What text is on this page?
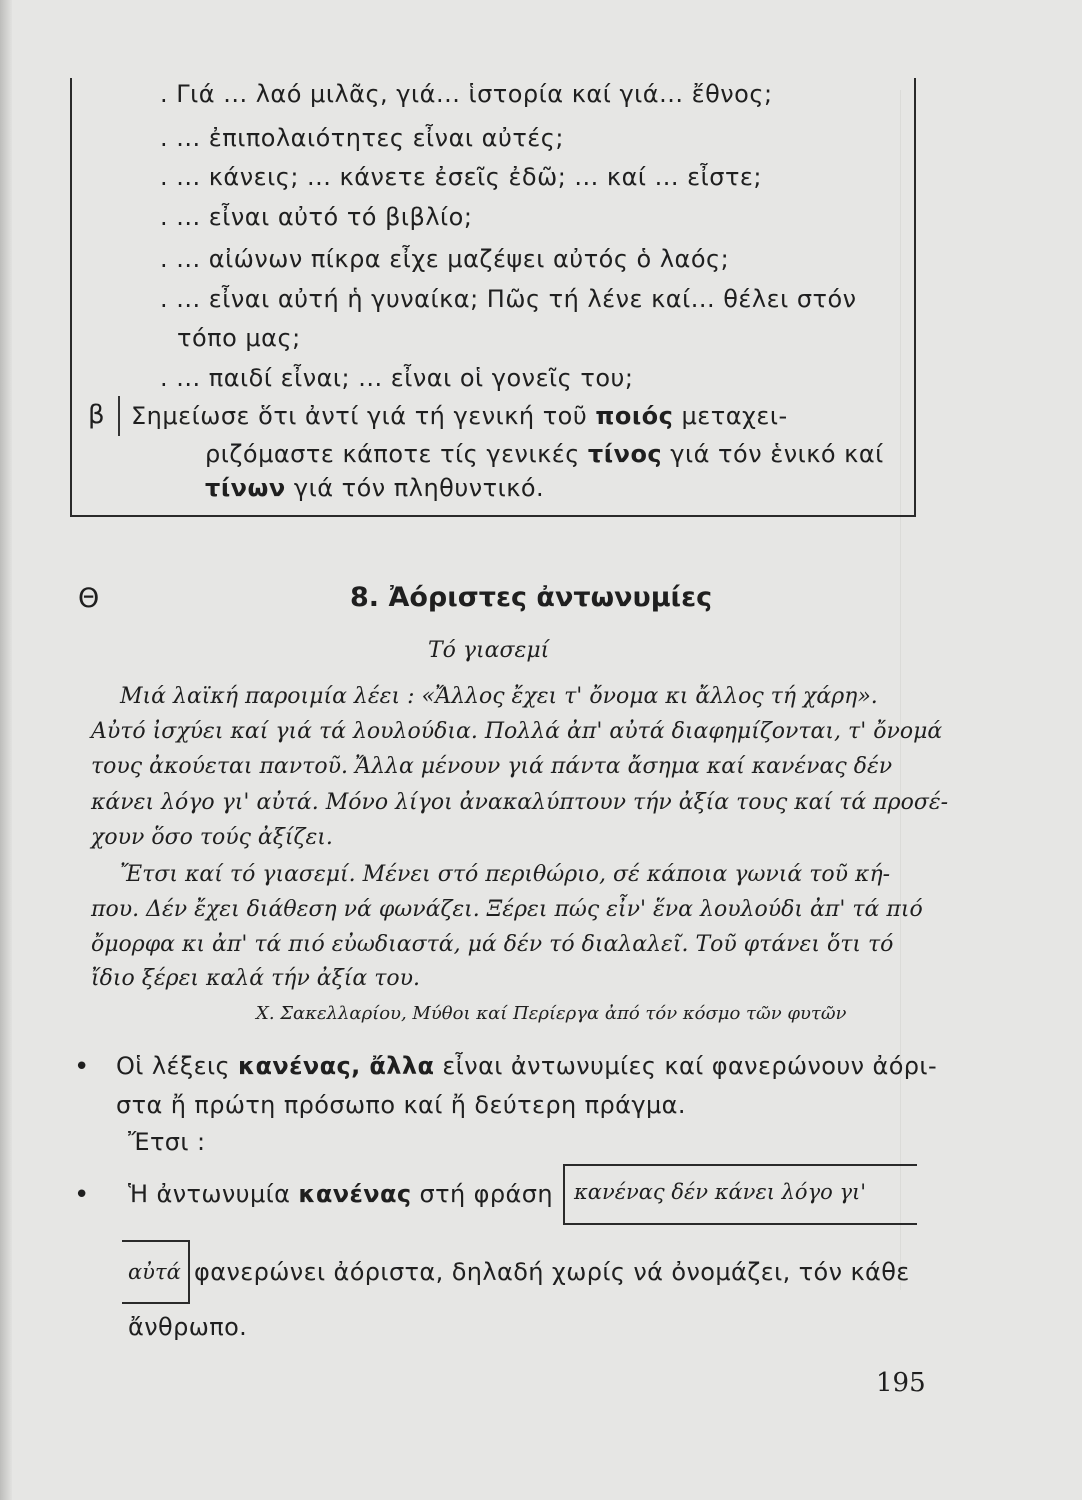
. Γιά ... λαό μιλᾶς, γιά... ἱστορία καί γιά... ἔθνος;
. ... ἐπιπολαιότητες εἶναι αὐτές;
. ... κάνεις; ... κάνετε ἐσεῖς ἐδῶ; ... καί ... εἶστε;
. ... εἶναι αὐτό τό βιβλίο;
. ... αἰώνων πίκρα εἶχε μαζέψει αὐτός ὁ λαός;
. ... εἶναι αὐτή ἡ γυναίκα; Πῶς τή λένε καί... θέλει στόν
τόπο μας;
. ... παιδί εἶναι; ... εἶναι οἱ γονεῖς του;
β Σημείωσε ὅτι ἀντί γιά τή γενική τοῦ ποιός μεταχει-
ριζόμαστε κάποτε τίς γενικές τίνος γιά τόν ἑνικό καί
τίνων γιά τόν πληθυντικό.
Θ	8. Ἀόριστες ἀντωνυμίες
Τό γιασεμί
Μιά λαϊκή παροιμία λέει : «Ἄλλος ἔχει τ' ὄνομα κι ἄλλος τή χάρη».
Αὐτό ἰσχύει καί γιά τά λουλούδια. Πολλά ἀπ' αὐτά διαφημίζονται, τ' ὄνομά
τους ἀκούεται παντοῦ. Ἄλλα μένουν γιά πάντα ἄσημα καί κανένας δέν
κάνει λόγο γι' αὐτά. Μόνο λίγοι ἀνακαλύπτουν τήν ἀξία τους καί τά προσέ-
χουν ὅσο τούς ἀξίζει.
Ἔτσι καί τό γιασεμί. Μένει στό περιθώριο, σέ κάποια γωνιά τοῦ κή-
που. Δέν ἔχει διάθεση νά φωνάζει. Ξέρει πώς εἶν' ἕνα λουλούδι ἀπ' τά πιό
ὄμορφα κι ἀπ' τά πιό εὐωδιαστά, μά δέν τό διαλαλεῖ. Τοῦ φτάνει ὅτι τό
ἴδιο ξέρει καλά τήν ἀξία του.
Χ. Σακελλαρίου, Μύθοι καί Περίεργα ἀπό τόν κόσμο τῶν φυτῶν
• Οἱ λέξεις κανένας, ἄλλα εἶναι ἀντωνυμίες καί φανερώνουν ἀόρι-
στα ἤ πρώτη πρόσωπο καί ἤ δεύτερη πράγμα.
Ἔτσι :
• Ἡ ἀντωνυμία κανένας στή φράση κανένας δέν κάνει λόγο γι'
αὐτά φανερώνει ἀόριστα, δηλαδή χωρίς νά ὀνομάζει, τόν κάθε
ἄνθρωπο.
195
